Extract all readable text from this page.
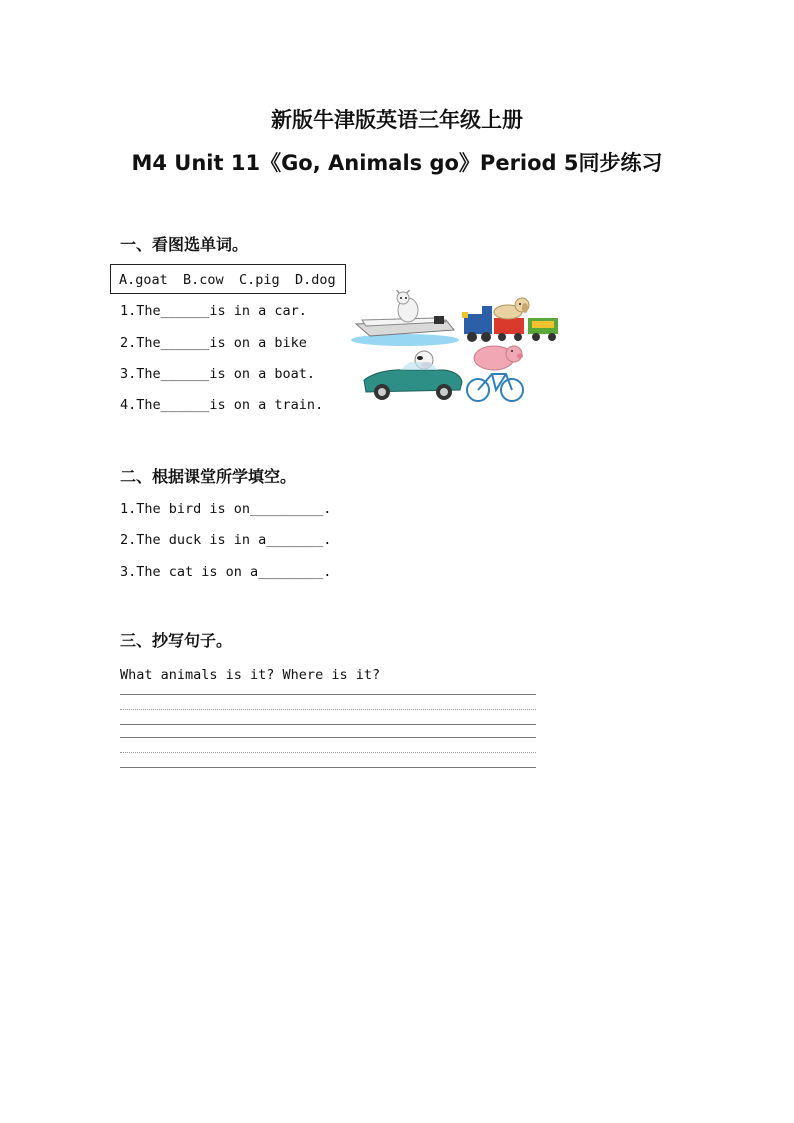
新版牛津版英语三年级上册
M4 Unit 11《Go, Animals go》Period 5同步练习
一、看图选单词。
A.goat B.cow C.pig D.dog
1.The______is in a car.
2.The______is on a bike
3.The______is on a boat.
4.The______is on a train.
二、根据课堂所学填空。
1.The bird is on_________.
2.The duck is in a_______.
3.The cat is on a________.
三、抄写句子。
What animals is it? Where is it?
